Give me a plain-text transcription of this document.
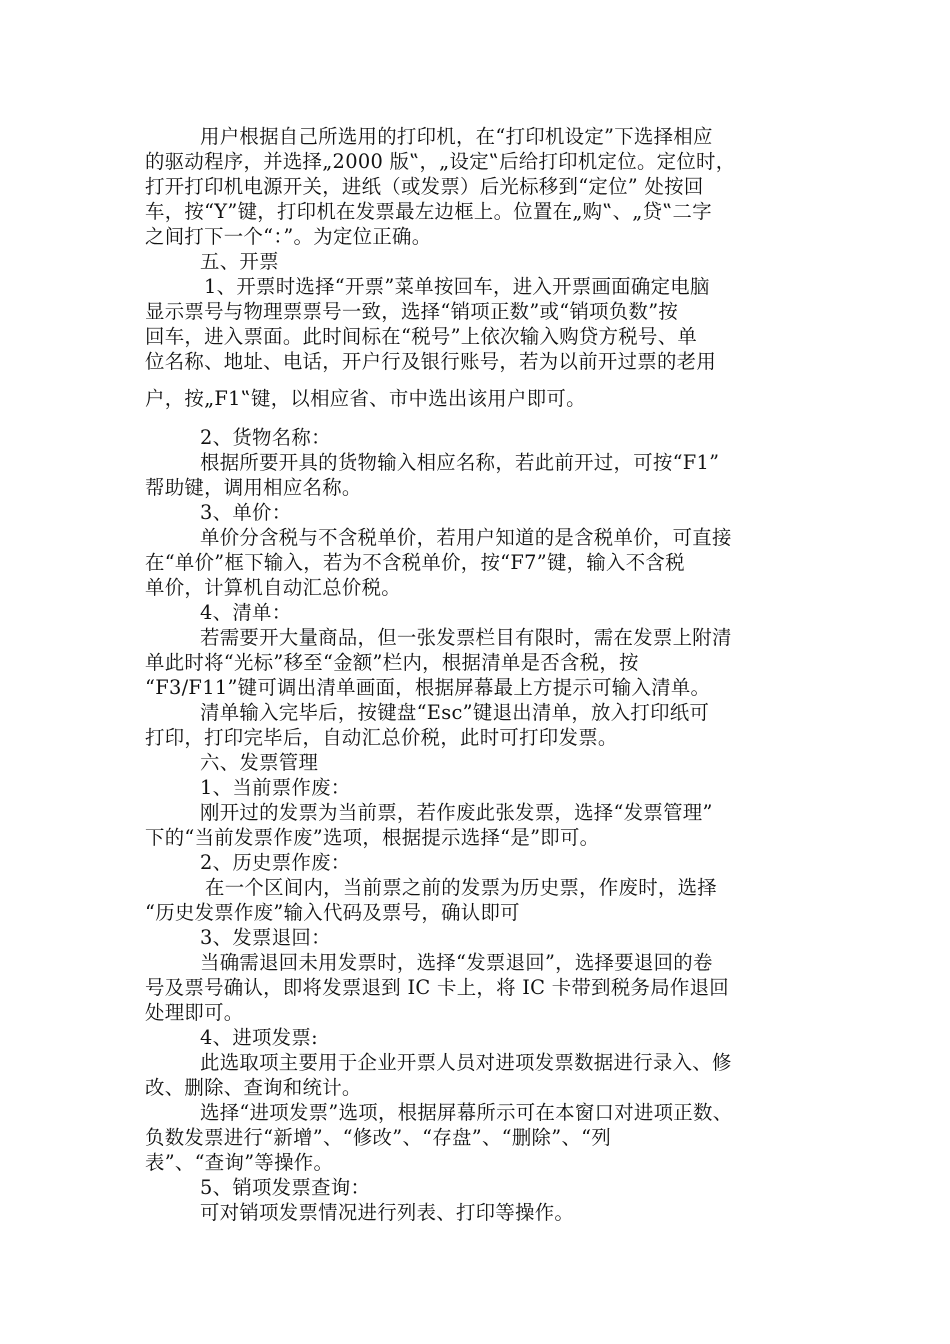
用户根据自己所选用的打印机，在“打印机设定”下选择相应
的驱动程序，并选择„2000 版‟，„设定‟后给打印机定位。定位时，
打开打印机电源开关，进纸（或发票）后光标移到“定位” 处按回
车，按“Y”键，打印机在发票最左边框上。位置在„购‟、„贷‟二字
之间打下一个“：”。为定位正确。
五、开票
1、开票时选择“开票”菜单按回车，进入开票画面确定电脑
显示票号与物理票票号一致，选择“销项正数”或“销项负数”按
回车，进入票面。此时间标在“税号”上依次输入购贷方税号、单
位名称、地址、电话，开户行及银行账号，若为以前开过票的老用
户，按„F1‟键，以相应省、市中选出该用户即可。
2、货物名称：
根据所要开具的货物输入相应名称，若此前开过，可按“F1”
帮助键，调用相应名称。
3、单价：
单价分含税与不含税单价，若用户知道的是含税单价，可直接
在“单价”框下输入，若为不含税单价，按“F7”键，输入不含税
单价，计算机自动汇总价税。
4、清单：
若需要开大量商品，但一张发票栏目有限时，需在发票上附清
单此时将“光标”移至“金额”栏内，根据清单是否含税，按
“F3/F11”键可调出清单画面，根据屏幕最上方提示可输入清单。
清单输入完毕后，按键盘“Esc”键退出清单，放入打印纸可
打印，打印完毕后，自动汇总价税，此时可打印发票。
六、发票管理
1、当前票作废：
刚开过的发票为当前票，若作废此张发票，选择“发票管理”
下的“当前发票作废”选项，根据提示选择“是”即可。
2、历史票作废：
在一个区间内，当前票之前的发票为历史票，作废时，选择
“历史发票作废”输入代码及票号，确认即可
3、发票退回：
当确需退回未用发票时，选择“发票退回”，选择要退回的卷
号及票号确认，即将发票退到 IC 卡上，将 IC 卡带到税务局作退回
处理即可。
4、进项发票:
此选取项主要用于企业开票人员对进项发票数据进行录入、修
改、删除、查询和统计。
选择“进项发票”选项，根据屏幕所示可在本窗口对进项正数、
负数发票进行“新增”、“修改”、“存盘”、“删除”、“列
表”、“查询”等操作。
5、销项发票查询：
可对销项发票情况进行列表、打印等操作。
